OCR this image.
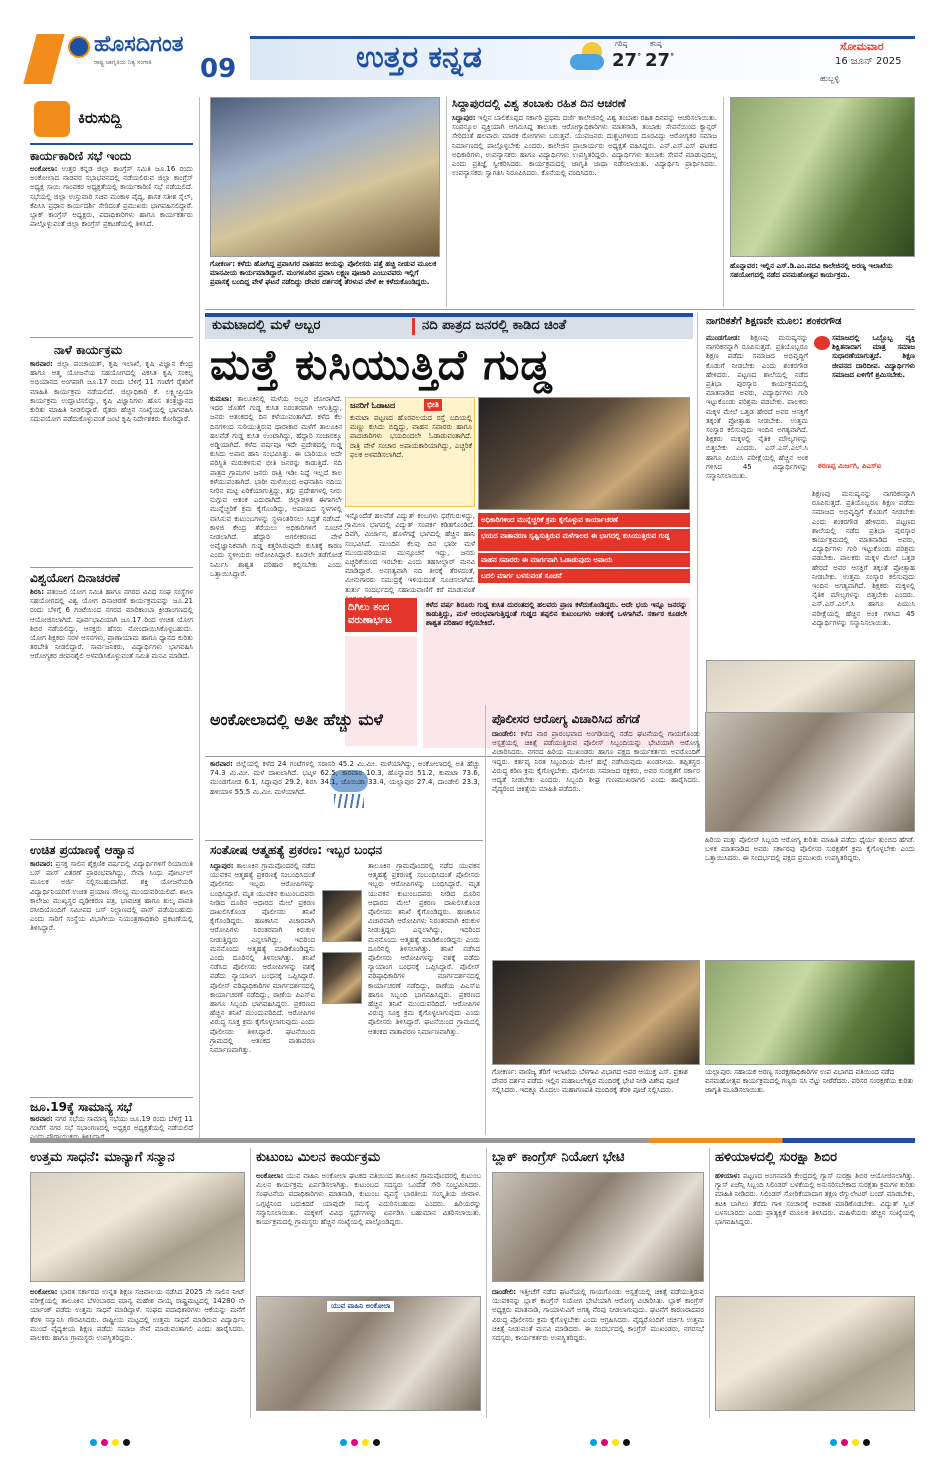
ಹೊಸದಿಗಂತ
ರಾಷ್ಟ್ರ ಜಾಗೃತಿಯ ನಿತ್ಯ ಸಂಗಾತಿ 09	ಉತ್ತರ ಕನ್ನಡ	ಗರಿಷ್ಠ
27°
ಕನಿಷ್ಠ
27°
ಸೋಮವಾರ
16 ಜೂನ್ 2025
ಹುಬ್ಬಳ್ಳಿ
ಕಿರುಸುದ್ದಿ
ಕಾರ್ಯಕಾರಿಣಿ ಸಭೆ ಇಂದು
ಅಂಕೋಲಾ: ಉತ್ತರ ಕನ್ನಡ ಜಿಲ್ಲಾ ಕಾಂಗ್ರೆಸ್ ಸಮಿತಿ ಜೂ.16 ರಂದು ಅಂಕೋಲಾದ ನಾಡವರ ಸಭಾಭವನದಲ್ಲಿ ನಡೆಯಲಿರುವ ಜಿಲ್ಲಾ ಕಾಂಗ್ರೆಸ್ ಅಧ್ಯಕ್ಷ ಸಾಯಿ ಗಾಂವಕರ ಅಧ್ಯಕ್ಷತೆಯಲ್ಲಿ ಕಾರ್ಯಕಾರಿಣಿ ಸಭೆ ನಡೆಯಲಿದೆ. ಸಭೆಯಲ್ಲಿ ಜಿಲ್ಲಾ ಉಸ್ತುವಾರಿ ಸಚಿವ ಮಂಕಾಳ ವೈದ್ಯ, ಶಾಸಕ ಸತೀಶ ಸೈಲ್, ಕೆಪಿಸಿಸಿ ಪ್ರಧಾನ ಕಾರ್ಯದರ್ಶಿ ಸೇರಿದಂತೆ ಪ್ರಮುಖರು ಭಾಗವಹಿಸಲಿದ್ದಾರೆ. ಬ್ಲಾಕ್ ಕಾಂಗ್ರೆಸ್ ಅಧ್ಯಕ್ಷರು, ಪದಾಧಿಕಾರಿಗಳು ಹಾಗೂ ಕಾರ್ಯಕರ್ತರು ಪಾಲ್ಗೊಳ್ಳುವಂತೆ ಜಿಲ್ಲಾ ಕಾಂಗ್ರೆಸ್ ಪ್ರಕಟಣೆಯಲ್ಲಿ ತಿಳಿಸಿದೆ.
ನಾಳೆ ಕಾರ್ಯಕ್ರಮ
ಕಾರವಾರ: ಜಿಲ್ಲಾ ಪಂಚಾಯತ್, ಕೃಷಿ ಇಲಾಖೆ, ಕೃಷಿ ವಿಜ್ಞಾನ ಕೇಂದ್ರ ಹಾಗೂ ಆತ್ಮ ಯೋಜನೆಯ ಸಹಯೋಗದಲ್ಲಿ ವಿಕಸಿತ ಕೃಷಿ ಸಂಕಲ್ಪ ಅಭಿಯಾನದ ಅಂಗವಾಗಿ ಜೂ.17 ರಂದು ಬೆಳಿಗ್ಗೆ 11 ಗಂಟೆಗೆ ರೈತರಿಗೆ ಮಾಹಿತಿ ಕಾರ್ಯಕ್ರಮ ನಡೆಯಲಿದೆ. ಜಿಲ್ಲಾಧಿಕಾರಿ ಕೆ. ಲಕ್ಷ್ಮೀಪ್ರಿಯಾ ಕಾರ್ಯಕ್ರಮ ಉದ್ಘಾಟಿಸಲಿದ್ದು, ಕೃಷಿ ವಿಜ್ಞಾನಿಗಳು ಹೊಸ ತಂತ್ರಜ್ಞಾನದ ಕುರಿತು ಮಾಹಿತಿ ನೀಡಲಿದ್ದಾರೆ. ರೈತರು ಹೆಚ್ಚಿನ ಸಂಖ್ಯೆಯಲ್ಲಿ ಭಾಗವಹಿಸಿ ಸದುಪಯೋಗ ಪಡೆದುಕೊಳ್ಳುವಂತೆ ಜಂಟಿ ಕೃಷಿ ನಿರ್ದೇಶಕರು ಕೋರಿದ್ದಾರೆ.
ವಿಶ್ವಯೋಗ ದಿನಾಚರಣೆ
ಶಿರಸಿ: ಪತಂಜಲಿ ಯೋಗ ಸಮಿತಿ ಹಾಗೂ ನಗರದ ವಿವಿಧ ಸಂಘ ಸಂಸ್ಥೆಗಳ ಸಹಯೋಗದಲ್ಲಿ ವಿಶ್ವ ಯೋಗ ದಿನಾಚರಣೆ ಕಾರ್ಯಕ್ರಮವನ್ನು ಜೂ.21 ರಂದು ಬೆಳಿಗ್ಗೆ 6 ಗಂಟೆಯಿಂದ ನಗರದ ಮಾರಿಕಾಂಬಾ ಕ್ರೀಡಾಂಗಣದಲ್ಲಿ ಆಯೋಜಿಸಲಾಗಿದೆ. ಪೂರ್ವಭಾವಿಯಾಗಿ ಜೂ.17 ರಿಂದ ಉಚಿತ ಯೋಗ ಶಿಬಿರ ನಡೆಯಲಿದ್ದು, ಆಸಕ್ತರು ಹೆಸರು ನೋಂದಾಯಿಸಿಕೊಳ್ಳಬಹುದು. ಯೋಗ ಶಿಕ್ಷಕರು ಸರಳ ಆಸನಗಳು, ಪ್ರಾಣಾಯಾಮ ಹಾಗೂ ಧ್ಯಾನದ ಕುರಿತು ತರಬೇತಿ ನೀಡಲಿದ್ದಾರೆ. ಸಾರ್ವಜನಿಕರು, ವಿದ್ಯಾರ್ಥಿಗಳು ಭಾಗವಹಿಸಿ ಆರೋಗ್ಯಕರ ಜೀವನಶೈಲಿ ಅಳವಡಿಸಿಕೊಳ್ಳುವಂತೆ ಸಮಿತಿ ಮನವಿ ಮಾಡಿದೆ.
ಉಚಿತ ಪ್ರಯಾಣಕ್ಕೆ ಆಹ್ವಾನ
ಕಾರವಾರ: ಪ್ರಸಕ್ತ ಸಾಲಿನ ಶೈಕ್ಷಣಿಕ ವರ್ಷದಲ್ಲಿ ವಿದ್ಯಾರ್ಥಿಗಳಿಗೆ ರಿಯಾಯಿತಿ ಬಸ್ ಪಾಸ್ ವಿತರಣೆ ಪ್ರಾರಂಭವಾಗಿದ್ದು, ಸೇವಾ ಸಿಂಧು ಪೋರ್ಟಲ್ ಮೂಲಕ ಅರ್ಜಿ ಸಲ್ಲಿಸಬಹುದಾಗಿದೆ. ಶಕ್ತಿ ಯೋಜನೆಯಡಿ ವಿದ್ಯಾರ್ಥಿನಿಯರಿಗೆ ಉಚಿತ ಪ್ರಯಾಣ ಸೌಲಭ್ಯ ಮುಂದುವರಿಯಲಿದೆ. ಶಾಲಾ ಕಾಲೇಜು ಮುಖ್ಯಸ್ಥರ ದೃಢೀಕರಣ ಪತ್ರ, ಭಾವಚಿತ್ರ ಹಾಗೂ ಶುಲ್ಕ ಪಾವತಿ ರಸೀದಿಯೊಂದಿಗೆ ಸಮೀಪದ ಬಸ್ ನಿಲ್ದಾಣದಲ್ಲಿ ಪಾಸ್ ಪಡೆಯಬಹುದು ಎಂದು ಸಾರಿಗೆ ಸಂಸ್ಥೆಯ ವಿಭಾಗೀಯ ನಿಯಂತ್ರಣಾಧಿಕಾರಿ ಪ್ರಕಟಣೆಯಲ್ಲಿ ತಿಳಿಸಿದ್ದಾರೆ.
ಜೂ.19ಕ್ಕೆ ಸಾಮಾನ್ಯ ಸಭೆ
ಕಾರವಾರ: ನಗರ ಸಭೆಯ ಸಾಮಾನ್ಯ ಸಭೆಯು ಜೂ.19 ರಂದು ಬೆಳಿಗ್ಗೆ 11 ಗಂಟೆಗೆ ನಗರ ಸಭೆ ಸಭಾಂಗಣದಲ್ಲಿ ಅಧ್ಯಕ್ಷರ ಅಧ್ಯಕ್ಷತೆಯಲ್ಲಿ ನಡೆಯಲಿದೆ
ಗೋಕರ್ಣ: ಕಳೆದು ಹೋಗಿದ್ದ ಪ್ರವಾಸಿಗರ ವಾಹನದ ಕೀಯನ್ನು ಪೊಲೀಸರು ಪತ್ತೆ ಹಚ್ಚಿ ನೀಡುವ ಮೂಲಕ ಮಾನವೀಯ ಕಾರ್ಯಮಾಡಿದ್ದಾರೆ. ಮಂಗಳೂರಿನ ಪ್ರವಾಸಿ ಲಕ್ಷ್ಮಣ ಪೂಜಾರಿ ಎಂಬುವವರು ಇಲ್ಲಿಗೆ ಪ್ರವಾಸಕ್ಕೆ ಬಂದಿದ್ದ ವೇಳೆ ಘಟನೆ ನಡೆದಿದ್ದು ದೇವರ ದರ್ಶನಕ್ಕೆ ತೆರಳುವ ವೇಳೆ ಕೀ ಕಳೆದುಕೊಂಡಿದ್ದರು.
ಸಿದ್ದಾಪುರದಲ್ಲಿ ವಿಶ್ವ ತಂಬಾಕು ರಹಿತ ದಿನ ಆಚರಣೆ
ಸಿದ್ದಾಪುರ: ಇಲ್ಲಿನ ಬಾಲಿಕೊಪ್ಪದ ಸರ್ಕಾರಿ ಪ್ರಥಮ ದರ್ಜೆ ಕಾಲೇಜಿನಲ್ಲಿ ವಿಶ್ವ ತಂಬಾಕು ರಹಿತ ದಿನವನ್ನು ಆಚರಿಸಲಾಯಿತು. ಸಂಪನ್ಮೂಲ ವ್ಯಕ್ತಿಯಾಗಿ ಆಗಮಿಸಿದ್ದ ತಾಲೂಕು ಆರೋಗ್ಯಾಧಿಕಾರಿಗಳು ಮಾತನಾಡಿ, ತಂಬಾಕು ಸೇವನೆಯಿಂದ ಕ್ಯಾನ್ಸರ್ ಸೇರಿದಂತೆ ಹಲವಾರು ಮಾರಕ ರೋಗಗಳು ಬರುತ್ತವೆ. ಯುವಜನರು ದುಶ್ಚಟಗಳಿಂದ ದೂರವಿದ್ದು ಆರೋಗ್ಯಕರ ಸಮಾಜ ನಿರ್ಮಾಣದಲ್ಲಿ ಪಾಲ್ಗೊಳ್ಳಬೇಕು ಎಂದರು. ಕಾಲೇಜಿನ ಪ್ರಾಚಾರ್ಯರು ಅಧ್ಯಕ್ಷತೆ ವಹಿಸಿದ್ದರು. ಎನ್.ಎಸ್.ಎಸ್ ಘಟಕದ ಅಧಿಕಾರಿಗಳು, ಉಪನ್ಯಾಸಕರು ಹಾಗೂ ವಿದ್ಯಾರ್ಥಿಗಳು ಉಪಸ್ಥಿತರಿದ್ದರು. ವಿದ್ಯಾರ್ಥಿಗಳು ತಂಬಾಕು ಸೇವನೆ ಮಾಡುವುದಿಲ್ಲ ಎಂದು ಪ್ರತಿಜ್ಞೆ ಸ್ವೀಕರಿಸಿದರು. ಕಾರ್ಯಕ್ರಮದಲ್ಲಿ ಜಾಗೃತಿ ಜಾಥಾ ನಡೆಸಲಾಯಿತು. ವಿದ್ಯಾರ್ಥಿನಿ ಪ್ರಾರ್ಥಿಸಿದರು. ಉಪನ್ಯಾಸಕರು ಸ್ವಾಗತಿಸಿ ನಿರೂಪಿಸಿದರು. ಕೊನೆಯಲ್ಲಿ ವಂದಿಸಿದರು.
ಹೊನ್ನಾವರ: ಇಲ್ಲಿನ ಎಸ್.ಡಿ.ಎಂ.ಪದವಿ ಕಾಲೇಜಿನಲ್ಲಿ ಅರಣ್ಯ ಇಲಾಖೆಯ ಸಹಯೋಗದಲ್ಲಿ ನಡೆದ ವನಮಹೋತ್ಸವ ಕಾರ್ಯಕ್ರಮ.
ಕುಮಟಾದಲ್ಲಿ ಮಳೆ ಅಬ್ಬರ	ನದಿ ಪಾತ್ರದ ಜನರಲ್ಲಿ ಕಾಡಿದ ಚಿಂತೆ
ಮತ್ತೆ ಕುಸಿಯುತ್ತಿದೆ ಗುಡ್ಡ
ಕುಮಟಾ: ತಾಲೂಕಿನಲ್ಲಿ ಮಳೆಯ ಅಬ್ಬರ ಜೋರಾಗಿದೆ. ಇದರ ಜೊತೆಗೆ ಗುಡ್ಡ ಕುಸಿತ ನಿರಂತರವಾಗಿ ಆಗುತ್ತಿದ್ದು, ಜನರು ಆತಂಕದಲ್ಲಿ ದಿನ ಕಳೆಯುವಂತಾಗಿದೆ. ಕಳೆದ ಕೆಲ ದಿನಗಳಿಂದ ಸುರಿಯುತ್ತಿರುವ ಧಾರಾಕಾರ ಮಳೆಗೆ ತಾಲೂಕಿನ ಹಲವೆಡೆ ಗುಡ್ಡ ಕುಸಿತ ಉಂಟಾಗಿದ್ದು, ಹೆದ್ದಾರಿ ಸಂಚಾರಕ್ಕೂ ಅಡ್ಡಿಯಾಗಿದೆ. ಕಳೆದ ವರ್ಷವೂ ಇದೇ ಪ್ರದೇಶದಲ್ಲಿ ಗುಡ್ಡ ಕುಸಿದು ಅಪಾರ ಹಾನಿ ಸಂಭವಿಸಿತ್ತು. ಈ ಬಾರಿಯೂ ಅದೇ ಪರಿಸ್ಥಿತಿ ಮರುಕಳಿಸುವ ಭೀತಿ ಜನರನ್ನು ಕಾಡುತ್ತಿದೆ. ನದಿ ಪಾತ್ರದ ಗ್ರಾಮಗಳ ಜನರು ರಾತ್ರಿ ಇಡೀ ನಿದ್ದೆ ಇಲ್ಲದೆ ಕಾಲ ಕಳೆಯುವಂತಾಗಿದೆ. ಭಾರೀ ಮಳೆಯಿಂದ ಅಘನಾಶಿನಿ ನದಿಯ ನೀರಿನ ಮಟ್ಟ ಏರಿಕೆಯಾಗುತ್ತಿದ್ದು, ತಗ್ಗು ಪ್ರದೇಶಗಳಲ್ಲಿ ನೀರು ನುಗ್ಗುವ ಆತಂಕ ಎದುರಾಗಿದೆ. ಜಿಲ್ಲಾಡಳಿತ ಈಗಾಗಲೇ ಮುನ್ನೆಚ್ಚರಿಕೆ ಕ್ರಮ ಕೈಗೊಂಡಿದ್ದು, ಅಪಾಯದ ಸ್ಥಳಗಳಲ್ಲಿ ವಾಸಿಸುವ ಕುಟುಂಬಗಳನ್ನು ಸ್ಥಳಾಂತರಿಸಲು ಸಿದ್ಧತೆ ನಡೆಸಿದೆ. ಕಾಳಜಿ ಕೇಂದ್ರ ತೆರೆಯಲು ಅಧಿಕಾರಿಗಳಿಗೆ ಸೂಚನೆ ನೀಡಲಾಗಿದೆ. ಹೆದ್ದಾರಿ ಅಗಲೀಕರಣದ ವೇಳೆ ಅವೈಜ್ಞಾನಿಕವಾಗಿ ಗುಡ್ಡ ಕತ್ತರಿಸಿರುವುದೇ ಕುಸಿತಕ್ಕೆ ಕಾರಣ ಎಂದು ಸ್ಥಳೀಯರು ಆರೋಪಿಸಿದ್ದಾರೆ. ಕೂಡಲೇ ತಡೆಗೋಡೆ ನಿರ್ಮಿಸಿ ಶಾಶ್ವತ ಪರಿಹಾರ ಕಲ್ಪಿಸಬೇಕು ಎಂದು ಒತ್ತಾಯಿಸಿದ್ದಾರೆ.
ಜನರಿಗೆ ಓಡಾಟದ	ಭೀತಿ
ಕುಮಟಾ ಪಟ್ಟಣದ ಹೊರವಲಯದ ರಸ್ತೆ ಬದಿಯಲ್ಲಿ ಮಣ್ಣು ಕುಸಿದು ಬಿದ್ದಿದ್ದು, ವಾಹನ ಸವಾರರು ಹಾಗೂ ಪಾದಚಾರಿಗಳು ಭಯದಿಂದಲೇ ಓಡಾಡುವಂತಾಗಿದೆ. ರಾತ್ರಿ ವೇಳೆ ಸಂಚಾರ ಅಪಾಯಕಾರಿಯಾಗಿದ್ದು, ಎಚ್ಚರಿಕೆ ಫಲಕ ಅಳವಡಿಸಲಾಗಿದೆ.
ಅಧಿಕಾರಿಗಳಿಂದ ಮುನ್ನೆಚ್ಚರಿಕೆ ಕ್ರಮ ಕೈಗೊಳ್ಳುವ ಕಾರ್ಯಾಚರಣೆ
ಭಯದ ವಾತಾವರಣ ಸೃಷ್ಟಿಸುತ್ತಿರುವ ಮಳೆಗಾಲದ ಈ ಭಾಗದಲ್ಲಿ ಕುಸಿಯುತ್ತಿರುವ ಗುಡ್ಡ
ವಾಹನ ಸವಾರರು ಈ ಮಾರ್ಗವಾಗಿ ಓಡಾಡುವುದು ಅಪಾಯ
ಬದಲಿ ಮಾರ್ಗ ಬಳಸುವಂತೆ ಸೂಚನೆ
ಇನ್ನೊಂದೆಡೆ ಹಲವೆಡೆ ವಿದ್ಯುತ್ ಕಂಬಗಳು ಧರೆಗುರುಳಿದ್ದು, ಗ್ರಾಮೀಣ ಭಾಗದಲ್ಲಿ ವಿದ್ಯುತ್ ಸಂಪರ್ಕ ಕಡಿತಗೊಂಡಿದೆ. ದಿವಗಿ, ಮಿರ್ಜಾನ, ಹೊಳೆಗದ್ದೆ ಭಾಗದಲ್ಲಿ ಹೆಚ್ಚಿನ ಹಾನಿ ಸಂಭವಿಸಿದೆ. ಮುಂದಿನ ಕೆಲವು ದಿನ ಭಾರೀ ಮಳೆ ಮುಂದುವರಿಯುವ ಮುನ್ಸೂಚನೆ ಇದ್ದು, ಜನರು ಎಚ್ಚರಿಕೆಯಿಂದ ಇರಬೇಕು ಎಂದು ತಹಸೀಲ್ದಾರ್ ಮನವಿ ಮಾಡಿದ್ದಾರೆ. ಅನಗತ್ಯವಾಗಿ ನದಿ ತೀರಕ್ಕೆ ತೆರಳದಂತೆ, ಮೀನುಗಾರರು ಸಮುದ್ರಕ್ಕೆ ಇಳಿಯದಂತೆ ಸೂಚಿಸಲಾಗಿದೆ. ತುರ್ತು ಸಂದರ್ಭದಲ್ಲಿ ಸಹಾಯವಾಣಿಗೆ ಕರೆ ಮಾಡುವಂತೆ
ದಿಗಿಲು ತಂದ ವರುಣಾರ್ಭಟ
ಕಳೆದ ವರ್ಷ ಶಿರೂರು ಗುಡ್ಡ ಕುಸಿತ ದುರಂತದಲ್ಲಿ ಹಲವರು ಪ್ರಾಣ ಕಳೆದುಕೊಂಡಿದ್ದರು. ಅದೇ ಭಯ ಇನ್ನೂ ಜನರನ್ನು ಕಾಡುತ್ತಿದ್ದು, ಮಳೆ ಆರಂಭವಾಗುತ್ತಿದ್ದಂತೆ ಗುಡ್ಡದ ತಪ್ಪಲಿನ ಕುಟುಂಬಗಳು ಆತಂಕಕ್ಕೆ ಒಳಗಾಗಿವೆ. ಸರ್ಕಾರ ಕೂಡಲೇ ಶಾಶ್ವತ ಪರಿಹಾರ ಕಲ್ಪಿಸಬೇಕಿದೆ.
ನಾಗರಿಕತೆಗೆ ಶಿಕ್ಷಣವೇ ಮೂಲ: ಶಂಕರಗೌಡ
ಮುಂಡಗೋಡ: ಶಿಕ್ಷಣವು ಮನುಷ್ಯನನ್ನು ನಾಗರಿಕನನ್ನಾಗಿ ರೂಪಿಸುತ್ತದೆ. ಪ್ರತಿಯೊಬ್ಬರೂ ಶಿಕ್ಷಣ ಪಡೆದು ಸಮಾಜದ ಅಭಿವೃದ್ಧಿಗೆ ಕೊಡುಗೆ ನೀಡಬೇಕು ಎಂದು ಶಂಕರಗೌಡ ಹೇಳಿದರು. ಪಟ್ಟಣದ ಶಾಲೆಯಲ್ಲಿ ನಡೆದ ಪ್ರತಿಭಾ ಪುರಸ್ಕಾರ ಕಾರ್ಯಕ್ರಮದಲ್ಲಿ ಮಾತನಾಡಿದ ಅವರು, ವಿದ್ಯಾರ್ಥಿಗಳು ಗುರಿ ಇಟ್ಟುಕೊಂಡು ಪರಿಶ್ರಮ ಪಡಬೇಕು. ಪಾಲಕರು ಮಕ್ಕಳ ಮೇಲೆ ಒತ್ತಡ ಹೇರದೆ ಅವರ ಆಸಕ್ತಿಗೆ ತಕ್ಕಂತೆ ಪ್ರೋತ್ಸಾಹ ನೀಡಬೇಕು. ಉತ್ತಮ ಸಂಸ್ಕಾರ ಕಲಿಸುವುದು ಇಂದಿನ ಅಗತ್ಯವಾಗಿದೆ. ಶಿಕ್ಷಕರು ಮಕ್ಕಳಲ್ಲಿ ನೈತಿಕ ಮೌಲ್ಯಗಳನ್ನು ಬಿತ್ತಬೇಕು ಎಂದರು. ಎಸ್.ಎಸ್.ಎಲ್.ಸಿ ಹಾಗೂ ಪಿಯುಸಿ ಪರೀಕ್ಷೆಯಲ್ಲಿ ಹೆಚ್ಚಿನ ಅಂಕ ಗಳಿಸಿದ 45 ವಿದ್ಯಾರ್ಥಿಗಳನ್ನು ಸನ್ಮಾನಿಸಲಾಯಿತು.
ಸಮಾಜದಲ್ಲಿ ಒಬ್ಬೊಬ್ಬ ವ್ಯಕ್ತಿ ಶಿಕ್ಷಿತನಾದಾಗ ಮಾತ್ರ ಸಮಾಜ ಸುಧಾರಣೆಯಾಗುತ್ತದೆ. ಶಿಕ್ಷಣ ಜೀವನದ ದಾರಿದೀಪ. ವಿದ್ಯಾರ್ಥಿಗಳು ಸಮಾಜದ ಏಳಿಗೆಗೆ ಶ್ರಮಿಸಬೇಕು.
ಶರಣಪ್ಪ ಮಿರ್ಜಗಿ, ಪಿಎಸ್ಐ
ಶಿಕ್ಷಣವು ಮನುಷ್ಯನನ್ನು ನಾಗರಿಕನನ್ನಾಗಿ ರೂಪಿಸುತ್ತದೆ. ಪ್ರತಿಯೊಬ್ಬರೂ ಶಿಕ್ಷಣ ಪಡೆದು ಸಮಾಜದ ಅಭಿವೃದ್ಧಿಗೆ ಕೊಡುಗೆ ನೀಡಬೇಕು ಎಂದು ಶಂಕರಗೌಡ ಹೇಳಿದರು. ಪಟ್ಟಣದ ಶಾಲೆಯಲ್ಲಿ ನಡೆದ ಪ್ರತಿಭಾ ಪುರಸ್ಕಾರ ಕಾರ್ಯಕ್ರಮದಲ್ಲಿ ಮಾತನಾಡಿದ ಅವರು, ವಿದ್ಯಾರ್ಥಿಗಳು ಗುರಿ ಇಟ್ಟುಕೊಂಡು ಪರಿಶ್ರಮ ಪಡಬೇಕು. ಪಾಲಕರು ಮಕ್ಕಳ ಮೇಲೆ ಒತ್ತಡ ಹೇರದೆ ಅವರ ಆಸಕ್ತಿಗೆ ತಕ್ಕಂತೆ ಪ್ರೋತ್ಸಾಹ ನೀಡಬೇಕು. ಉತ್ತಮ ಸಂಸ್ಕಾರ ಕಲಿಸುವುದು ಇಂದಿನ ಅಗತ್ಯವಾಗಿದೆ. ಶಿಕ್ಷಕರು ಮಕ್ಕಳಲ್ಲಿ ನೈತಿಕ ಮೌಲ್ಯಗಳನ್ನು ಬಿತ್ತಬೇಕು ಎಂದರು. ಎಸ್.ಎಸ್.ಎಲ್.ಸಿ ಹಾಗೂ ಪಿಯುಸಿ ಪರೀಕ್ಷೆಯಲ್ಲಿ ಹೆಚ್ಚಿನ ಅಂಕ ಗಳಿಸಿದ 45 ವಿದ್ಯಾರ್ಥಿಗಳನ್ನು ಸನ್ಮಾನಿಸಲಾಯಿತು.
ಅಂಕೋಲಾದಲ್ಲಿ ಅತೀ ಹೆಚ್ಚು ಮಳೆ
ಕಾರವಾರ: ಜಿಲ್ಲೆಯಲ್ಲಿ ಕಳೆದ 24 ಗಂಟೆಗಳಲ್ಲಿ ಸರಾಸರಿ 45.2 ಮಿ.ಮೀ. ಮಳೆಯಾಗಿದ್ದು, ಅಂಕೋಲಾದಲ್ಲಿ ಅತಿ ಹೆಚ್ಚು 74.3 ಮಿ.ಮೀ. ಮಳೆ ದಾಖಲಾಗಿದೆ. ಭಟ್ಕಳ 62.5, ಕಾರವಾರ 10.3, ಹೊನ್ನಾವರ 51.2, ಕುಮಟಾ 73.6, ಮುಂಡಗೋಡ 6.1, ಸಿದ್ದಾಪುರ 29.2, ಶಿರಸಿ 34.1, ಜೊಯಿಡಾ 33.4, ಯಲ್ಲಾಪುರ 27.4, ದಾಂಡೇಲಿ 23.3, ಹಳಿಯಾಳ 55.5 ಮಿ.ಮೀ. ಮಳೆಯಾಗಿದೆ.
ಪೊಲೀಸರ ಆರೋಗ್ಯ ವಿಚಾರಿಸಿದ ಹೆಗಡೆ
ದಾಂಡೇಲಿ: ಕಳೆದ ವಾರ ಪ್ರಾರಂಭವಾದ ಅಂಗಡಿಯಲ್ಲಿ ನಡೆದ ಘಟನೆಯಲ್ಲಿ ಗಾಯಗೊಂಡು ಆಸ್ಪತ್ರೆಯಲ್ಲಿ ಚಿಕಿತ್ಸೆ ಪಡೆಯುತ್ತಿರುವ ಪೊಲೀಸ್ ಸಿಬ್ಬಂದಿಯನ್ನು ಭೇಟಿಯಾಗಿ ಆರೋಗ್ಯ ವಿಚಾರಿಸಿದರು. ನಗರದ ಹಿರಿಯ ಮುಖಂಡರು ಹಾಗೂ ಪಕ್ಷದ ಕಾರ್ಯಕರ್ತರು ಅವರೊಂದಿಗೆ ಇದ್ದರು. ಕರ್ತವ್ಯ ನಿರತ ಸಿಬ್ಬಂದಿಯ ಮೇಲೆ ಹಲ್ಲೆ ನಡೆಸಿರುವುದು ಖಂಡನೀಯ. ತಪ್ಪಿತಸ್ಥರ ವಿರುದ್ಧ ಕಠಿಣ ಕ್ರಮ ಕೈಗೊಳ್ಳಬೇಕು. ಪೊಲೀಸರು ಸಮಾಜದ ರಕ್ಷಕರು, ಅವರ ಸುರಕ್ಷತೆಗೆ ಸರ್ಕಾರ ಆದ್ಯತೆ ನೀಡಬೇಕು ಎಂದರು. ಸಿಬ್ಬಂದಿ ಶೀಘ್ರ ಗುಣಮುಖರಾಗಲಿ ಎಂದು ಹಾರೈಸಿದರು. ವೈದ್ಯರಿಂದ ಚಿಕಿತ್ಸೆಯ ಮಾಹಿತಿ ಪಡೆದರು.
ಹಿರಿಯ ಮತ್ತು ಪೊಲೀಸ್ ಸಿಬ್ಬಂದಿ ಆರೋಗ್ಯ ಕುರಿತು ಮಾಹಿತಿ ಪಡೆದು ಧೈರ್ಯ ತುಂಬಿದ ಹೆಗಡೆ. ಬಳಿಕ ಮಾತನಾಡಿದ ಅವರು ಸರ್ಕಾರವು ಪೊಲೀಸರ ಸುರಕ್ಷತೆಗೆ ಕ್ರಮ ಕೈಗೊಳ್ಳಬೇಕು ಎಂದು ಒತ್ತಾಯಿಸಿದರು. ಈ ಸಂದರ್ಭದಲ್ಲಿ ಪಕ್ಷದ ಪ್ರಮುಖರು ಉಪಸ್ಥಿತರಿದ್ದರು.
ಸಂತೋಷ ಆತ್ಮಹತ್ಯೆ ಪ್ರಕರಣ: ಇಬ್ಬರ ಬಂಧನ
ಸಿದ್ದಾಪುರ: ತಾಲೂಕಿನ ಗ್ರಾಮವೊಂದರಲ್ಲಿ ನಡೆದ ಯುವಕನ ಆತ್ಮಹತ್ಯೆ ಪ್ರಕರಣಕ್ಕೆ ಸಂಬಂಧಿಸಿದಂತೆ ಪೊಲೀಸರು ಇಬ್ಬರು ಆರೋಪಿಗಳನ್ನು ಬಂಧಿಸಿದ್ದಾರೆ. ಮೃತ ಯುವಕನ ಕುಟುಂಬದವರು ನೀಡಿದ ದೂರಿನ ಆಧಾರದ ಮೇಲೆ ಪ್ರಕರಣ ದಾಖಲಿಸಿಕೊಂಡ ಪೊಲೀಸರು ತನಿಖೆ ಕೈಗೊಂಡಿದ್ದರು. ಹಣಕಾಸಿನ ವಿಚಾರವಾಗಿ ಆರೋಪಿಗಳು ನಿರಂತರವಾಗಿ ಕಿರುಕುಳ ನೀಡುತ್ತಿದ್ದರು ಎನ್ನಲಾಗಿದ್ದು, ಇದರಿಂದ ಮನನೊಂದು ಆತ್ಮಹತ್ಯೆ ಮಾಡಿಕೊಂಡಿದ್ದನು ಎಂದು ದೂರಿನಲ್ಲಿ ತಿಳಿಸಲಾಗಿತ್ತು. ತನಿಖೆ ನಡೆಸಿದ ಪೊಲೀಸರು ಆರೋಪಿಗಳನ್ನು ವಶಕ್ಕೆ ಪಡೆದು ನ್ಯಾಯಾಂಗ ಬಂಧನಕ್ಕೆ ಒಪ್ಪಿಸಿದ್ದಾರೆ. ಪೊಲೀಸ್ ವರಿಷ್ಠಾಧಿಕಾರಿಗಳ ಮಾರ್ಗದರ್ಶನದಲ್ಲಿ ಕಾರ್ಯಾಚರಣೆ ನಡೆದಿದ್ದು, ಠಾಣೆಯ ಪಿಎಸ್ಐ ಹಾಗೂ ಸಿಬ್ಬಂದಿ ಭಾಗವಹಿಸಿದ್ದರು. ಪ್ರಕರಣದ ಹೆಚ್ಚಿನ ತನಿಖೆ ಮುಂದುವರಿದಿದೆ. ಆರೋಪಿಗಳ ವಿರುದ್ಧ ಸೂಕ್ತ ಕ್ರಮ ಕೈಗೊಳ್ಳಲಾಗುವುದು ಎಂದು ಪೊಲೀಸರು ತಿಳಿಸಿದ್ದಾರೆ. ಘಟನೆಯಿಂದ ಗ್ರಾಮದಲ್ಲಿ ಆತಂಕದ ವಾತಾವರಣ ನಿರ್ಮಾಣವಾಗಿತ್ತು.
ತಾಲೂಕಿನ ಗ್ರಾಮವೊಂದರಲ್ಲಿ ನಡೆದ ಯುವಕನ ಆತ್ಮಹತ್ಯೆ ಪ್ರಕರಣಕ್ಕೆ ಸಂಬಂಧಿಸಿದಂತೆ ಪೊಲೀಸರು ಇಬ್ಬರು ಆರೋಪಿಗಳನ್ನು ಬಂಧಿಸಿದ್ದಾರೆ. ಮೃತ ಯುವಕನ ಕುಟುಂಬದವರು ನೀಡಿದ ದೂರಿನ ಆಧಾರದ ಮೇಲೆ ಪ್ರಕರಣ ದಾಖಲಿಸಿಕೊಂಡ ಪೊಲೀಸರು ತನಿಖೆ ಕೈಗೊಂಡಿದ್ದರು. ಹಣಕಾಸಿನ ವಿಚಾರವಾಗಿ ಆರೋಪಿಗಳು ನಿರಂತರವಾಗಿ ಕಿರುಕುಳ ನೀಡುತ್ತಿದ್ದರು ಎನ್ನಲಾಗಿದ್ದು, ಇದರಿಂದ ಮನನೊಂದು ಆತ್ಮಹತ್ಯೆ ಮಾಡಿಕೊಂಡಿದ್ದನು ಎಂದು ದೂರಿನಲ್ಲಿ ತಿಳಿಸಲಾಗಿತ್ತು. ತನಿಖೆ ನಡೆಸಿದ ಪೊಲೀಸರು ಆರೋಪಿಗಳನ್ನು ವಶಕ್ಕೆ ಪಡೆದು ನ್ಯಾಯಾಂಗ ಬಂಧನಕ್ಕೆ ಒಪ್ಪಿಸಿದ್ದಾರೆ. ಪೊಲೀಸ್ ವರಿಷ್ಠಾಧಿಕಾರಿಗಳ ಮಾರ್ಗದರ್ಶನದಲ್ಲಿ ಕಾರ್ಯಾಚರಣೆ ನಡೆದಿದ್ದು, ಠಾಣೆಯ ಪಿಎಸ್ಐ ಹಾಗೂ ಸಿಬ್ಬಂದಿ ಭಾಗವಹಿಸಿದ್ದರು. ಪ್ರಕರಣದ ಹೆಚ್ಚಿನ ತನಿಖೆ ಮುಂದುವರಿದಿದೆ. ಆರೋಪಿಗಳ ವಿರುದ್ಧ ಸೂಕ್ತ ಕ್ರಮ ಕೈಗೊಳ್ಳಲಾಗುವುದು ಎಂದು ಪೊಲೀಸರು ತಿಳಿಸಿದ್ದಾರೆ. ಘಟನೆಯಿಂದ ಗ್ರಾಮದಲ್ಲಿ ಆತಂಕದ ವಾತಾವರಣ ನಿರ್ಮಾಣವಾಗಿತ್ತು.
ಗೋಕರ್ಣ: ವಾಣಿಜ್ಯ ತೆರಿಗೆ ಇಲಾಖೆಯ ಬೆಳಗಾವಿ ವಿಭಾಗದ ಅಪರ ಆಯುಕ್ತ ಎಸ್. ಪ್ರಕಾಶ ದೇವರ ದರ್ಶನ ಪಡೆದು ಇಲ್ಲಿನ ಮಹಾಬಲೇಶ್ವರ ಮಂದಿರಕ್ಕೆ ಭೇಟಿ ನೀಡಿ ವಿಶೇಷ ಪೂಜೆ ಸಲ್ಲಿಸಿದರು. ಇದಕ್ಕೂ ಮೊದಲು ಮಹಾಗಣಪತಿ ಮಂದಿರಕ್ಕೆ ತೆರಳಿ ಪೂಜೆ ಸಲ್ಲಿಸಿದರು.
ಯಲ್ಲಾಪುರ: ಸಹಾಯಕ ಅರಣ್ಯ ಸಂರಕ್ಷಣಾಧಿಕಾರಿಗಳ ಉಪ ವಿಭಾಗದ ವತಿಯಿಂದ ನಡೆದ ವನಮಹೋತ್ಸವ ಕಾರ್ಯಕ್ರಮದಲ್ಲಿ ಗಣ್ಯರು ಸಸಿ ನೆಟ್ಟು ನೀರೆರೆದರು. ಪರಿಸರ ಸಂರಕ್ಷಣೆಯ ಕುರಿತು ಜಾಗೃತಿ ಮೂಡಿಸಲಾಯಿತು.
ಉತ್ತಮ ಸಾಧನೆ: ಮಾನ್ಯಾಗೆ ಸನ್ಮಾನ
ಅಂಕೋಲಾ: ಭಾರತ ಸರ್ಕಾರದ ಉನ್ನತ ಶಿಕ್ಷಣ ಸಚಿವಾಲಯ ನಡೆಸಿದ 2025 ನೇ ಸಾಲಿನ ನೀಟ್ ಪರೀಕ್ಷೆಯಲ್ಲಿ ತಾಲೂಕಿನ ಬೆಳಂಬಾರದ ಮಾನ್ಯ ಮಹೇಶ ನಾಯ್ಕ ರಾಷ್ಟ್ರಮಟ್ಟದಲ್ಲಿ 14280 ನೇ ರ್ಯಾಂಕ್ ಪಡೆದು ಉತ್ತಮ ಸಾಧನೆ ಮಾಡಿದ್ದಾಳೆ. ಸಂಘದ ಪದಾಧಿಕಾರಿಗಳು ಆಕೆಯನ್ನು ಮನೆಗೆ ತೆರಳಿ ಸನ್ಮಾನಿಸಿ ಗೌರವಿಸಿದರು. ರಾಷ್ಟ್ರೀಯ ಮಟ್ಟದಲ್ಲಿ ಉತ್ತಮ ಸಾಧನೆ ಮಾಡಿರುವ ವಿದ್ಯಾರ್ಥಿನಿ ಮುಂದೆ ವೈದ್ಯಕೀಯ ಶಿಕ್ಷಣ ಪಡೆದು ಸಮಾಜ ಸೇವೆ ಮಾಡುವಂತಾಗಲಿ ಎಂದು ಹಾರೈಸಿದರು. ಪಾಲಕರು ಹಾಗೂ ಗ್ರಾಮಸ್ಥರು ಉಪಸ್ಥಿತರಿದ್ದರು.
ಕುಟುಂಬ ಮಿಲನ ಕಾರ್ಯಕ್ರಮ
ಅಂಕೋಲಾ: ಯುವ ವಾಹಿನಿ ಅಂಕೋಲಾ ಘಟಕದ ವತಿಯಿಂದ ತಾಲೂಕಿನ ಗ್ರಾಮವೊಂದರಲ್ಲಿ ಕುಟುಂಬ ಮಿಲನ ಕಾರ್ಯಕ್ರಮ ಏರ್ಪಡಿಸಲಾಗಿತ್ತು. ಕುಟುಂಬದ ಸದಸ್ಯರು ಒಂದೆಡೆ ಸೇರಿ ಸಂಭ್ರಮಿಸಿದರು. ಸಂಘಟನೆಯ ಪದಾಧಿಕಾರಿಗಳು ಮಾತನಾಡಿ, ಕುಟುಂಬ ವ್ಯವಸ್ಥೆ ಭಾರತೀಯ ಸಂಸ್ಕೃತಿಯ ಜೀವಾಳ. ಒಗ್ಗಟ್ಟಿನಿಂದ ಬದುಕಿದರೆ ಯಾವುದೇ ಸಮಸ್ಯೆ ಎದುರಿಸಬಹುದು ಎಂದರು. ಹಿರಿಯರನ್ನು ಸನ್ಮಾನಿಸಲಾಯಿತು. ಮಕ್ಕಳಿಗೆ ವಿವಿಧ ಸ್ಪರ್ಧೆಗಳನ್ನು ಏರ್ಪಡಿಸಿ ಬಹುಮಾನ ವಿತರಿಸಲಾಯಿತು. ಕಾರ್ಯಕ್ರಮದಲ್ಲಿ ಗ್ರಾಮಸ್ಥರು ಹೆಚ್ಚಿನ ಸಂಖ್ಯೆಯಲ್ಲಿ ಪಾಲ್ಗೊಂಡಿದ್ದರು.
ಯುವ ವಾಹಿನಿ ಅಂಕೋಲಾ
ಬ್ಲಾಕ್ ಕಾಂಗ್ರೆಸ್ ನಿಯೋಗ ಭೇಟಿ
ದಾಂಡೇಲಿ: ಇತ್ತೀಚೆಗೆ ನಡೆದ ಘಟನೆಯಲ್ಲಿ ಗಾಯಗೊಂಡು ಆಸ್ಪತ್ರೆಯಲ್ಲಿ ಚಿಕಿತ್ಸೆ ಪಡೆಯುತ್ತಿರುವ ಯುವಕನನ್ನು ಬ್ಲಾಕ್ ಕಾಂಗ್ರೆಸ್ ನಿಯೋಗ ಭೇಟಿಯಾಗಿ ಆರೋಗ್ಯ ವಿಚಾರಿಸಿತು. ಬ್ಲಾಕ್ ಕಾಂಗ್ರೆಸ್ ಅಧ್ಯಕ್ಷರು ಮಾತನಾಡಿ, ಗಾಯಾಳುವಿಗೆ ಅಗತ್ಯ ನೆರವು ನೀಡಲಾಗುವುದು. ಘಟನೆಗೆ ಕಾರಣರಾದವರ ವಿರುದ್ಧ ಪೊಲೀಸರು ಕ್ರಮ ಕೈಗೊಳ್ಳಬೇಕು ಎಂದು ಆಗ್ರಹಿಸಿದರು. ವೈದ್ಯರೊಂದಿಗೆ ಚರ್ಚಿಸಿ ಉತ್ತಮ ಚಿಕಿತ್ಸೆ ನೀಡುವಂತೆ ಮನವಿ ಮಾಡಿದರು. ಈ ಸಂದರ್ಭದಲ್ಲಿ ಕಾಂಗ್ರೆಸ್ ಮುಖಂಡರು, ನಗರಸಭೆ ಸದಸ್ಯರು, ಕಾರ್ಯಕರ್ತರು ಉಪಸ್ಥಿತರಿದ್ದರು.
ಹಳಿಯಾಳದಲ್ಲಿ ಸುರಕ್ಷಾ ಶಿಬಿರ
ಹಳಿಯಾಳ: ಪಟ್ಟಣದ ಅಂಗನವಾಡಿ ಕೇಂದ್ರದಲ್ಲಿ ಗ್ಯಾಸ್ ಸುರಕ್ಷಾ ಶಿಬಿರ ಆಯೋಜಿಸಲಾಗಿತ್ತು. ಗ್ಯಾಸ್ ಏಜೆನ್ಸಿ ಸಿಬ್ಬಂದಿ ಸಿಲಿಂಡರ್ ಬಳಕೆಯಲ್ಲಿ ಅನುಸರಿಸಬೇಕಾದ ಸುರಕ್ಷತಾ ಕ್ರಮಗಳ ಕುರಿತು ಮಾಹಿತಿ ನೀಡಿದರು. ಸಿಲಿಂಡರ್ ಸೋರಿಕೆಯಾದಾಗ ತಕ್ಷಣ ರೆಗ್ಯುಲೇಟರ್ ಬಂದ್ ಮಾಡಬೇಕು, ಕಿಟಕಿ ಬಾಗಿಲು ತೆರೆದು ಗಾಳಿ ಸಂಚಾರಕ್ಕೆ ಅವಕಾಶ ಮಾಡಿಕೊಡಬೇಕು. ವಿದ್ಯುತ್ ಸ್ವಿಚ್ ಬಳಸಬಾರದು ಎಂದು ಪ್ರಾತ್ಯಕ್ಷಿಕೆ ಮೂಲಕ ತಿಳಿಸಿದರು. ಮಹಿಳೆಯರು ಹೆಚ್ಚಿನ ಸಂಖ್ಯೆಯಲ್ಲಿ ಭಾಗವಹಿಸಿದ್ದರು.
